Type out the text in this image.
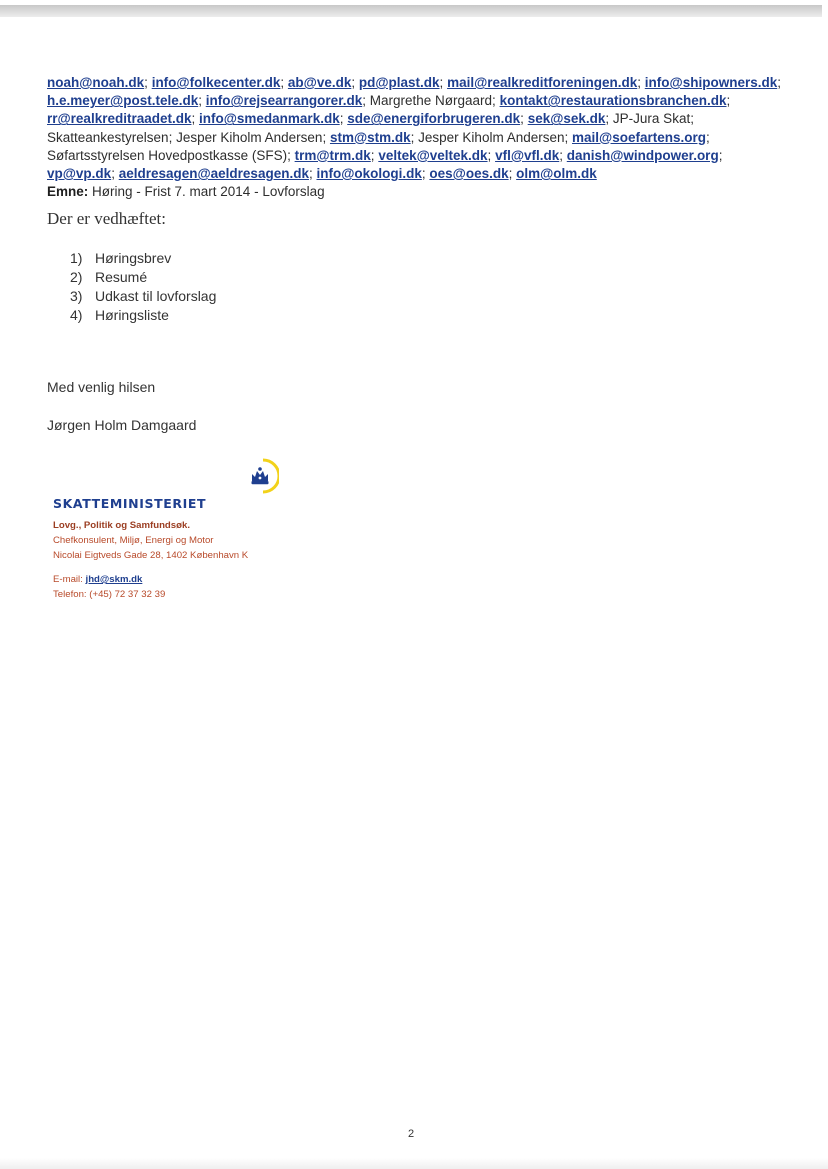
noah@noah.dk; info@folkecenter.dk; ab@ve.dk; pd@plast.dk; mail@realkreditforeningen.dk; info@shipowners.dk;
h.e.meyer@post.tele.dk; info@rejsearrangorer.dk; Margrethe Nørgaard; kontakt@restaurationsbranchen.dk;
rr@realkreditraadet.dk; info@smedanmark.dk; sde@energiforbrugeren.dk; sek@sek.dk; JP-Jura Skat;
Skatteankestyrelsen; Jesper Kiholm Andersen; stm@stm.dk; Jesper Kiholm Andersen; mail@soefartens.org;
Søfartsstyrelsen Hovedpostkasse (SFS); trm@trm.dk; veltek@veltek.dk; vfl@vfl.dk; danish@windpower.org;
vp@vp.dk; aeldresagen@aeldresagen.dk; info@okologi.dk; oes@oes.dk; olm@olm.dk
Emne: Høring - Frist 7. mart 2014 - Lovforslag
Der er vedhæftet:
1) Høringsbrev
2) Resumé
3) Udkast til lovforslag
4) Høringsliste
Med venlig hilsen
Jørgen Holm Damgaard
SKATTEMINISTERIET
Lovg., Politik og Samfundsøk.
Chefkonsulent, Miljø, Energi og Motor
Nicolai Eigtveds Gade 28, 1402 København K
E-mail: jhd@skm.dk
Telefon: (+45) 72 37 32 39
2
